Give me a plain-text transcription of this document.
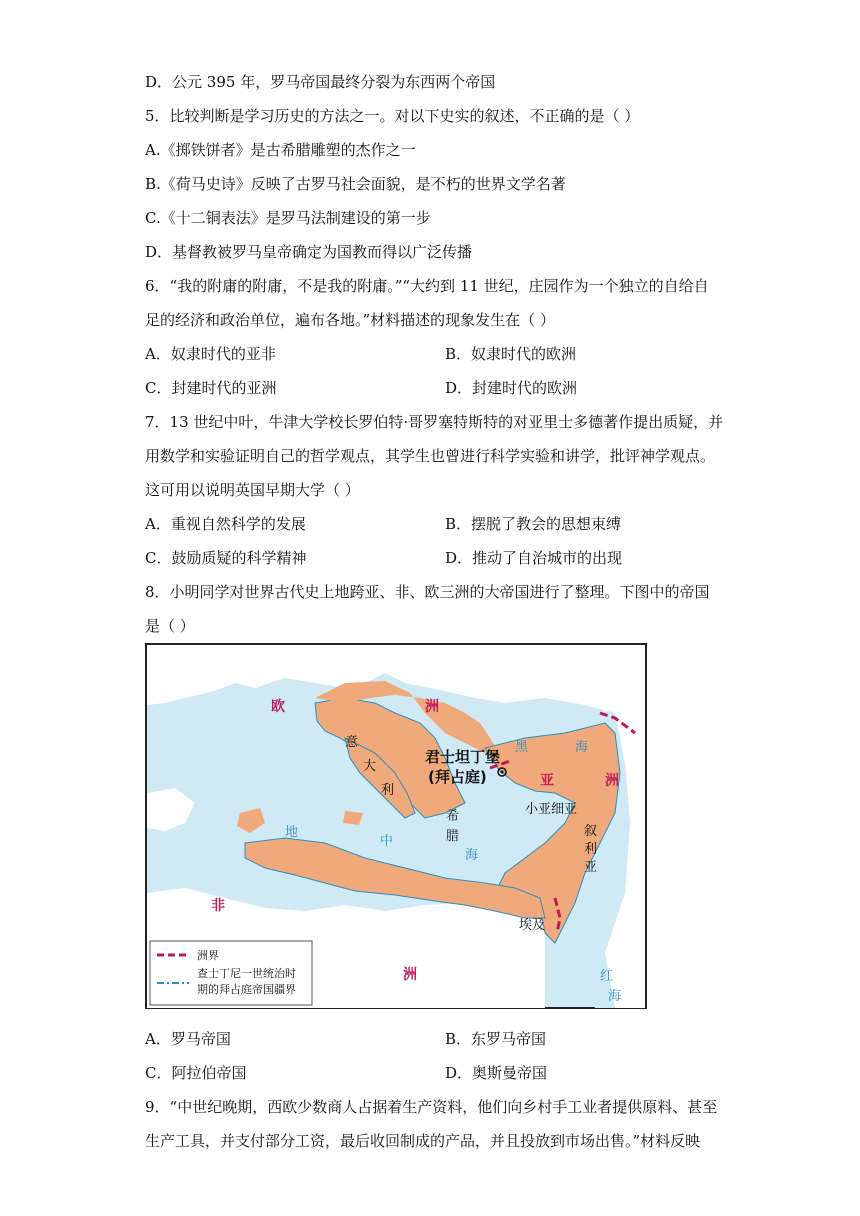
D．公元 395 年，罗马帝国最终分裂为东西两个帝国
5．比较判断是学习历史的方法之一。对以下史实的叙述，不正确的是（ ）
A.《掷铁饼者》是古希腊雕塑的杰作之一
B.《荷马史诗》反映了古罗马社会面貌，是不朽的世界文学名著
C.《十二铜表法》是罗马法制建设的第一步
D．基督教被罗马皇帝确定为国教而得以广泛传播
6．“我的附庸的附庸，不是我的附庸。”“大约到 11 世纪，庄园作为一个独立的自给自
足的经济和政治单位，遍布各地。”材料描述的现象发生在（ ）
A．奴隶时代的亚非	B．奴隶时代的欧洲
C．封建时代的亚洲	D．封建时代的欧洲
7．13 世纪中叶，牛津大学校长罗伯特·哥罗塞特斯特的对亚里士多德著作提出质疑，并
用数学和实验证明自己的哲学观点，其学生也曾进行科学实验和讲学，批评神学观点。
这可用以说明英国早期大学（ ）
A．重视自然科学的发展	B．摆脱了教会的思想束缚
C．鼓励质疑的科学精神	D．推动了自治城市的出现
8．小明同学对世界古代史上地跨亚、非、欧三洲的大帝国进行了整理。下图中的帝国
是（ ）
欧	洲
亚	洲
非
洲
黑	海
地
中
海
红
海
意
大
利
希
腊
小亚细亚
叙
利
亚
埃及
君士坦丁堡
(拜占庭)
洲界
查士丁尼一世统治时
期的拜占庭帝国疆界
A．罗马帝国	B．东罗马帝国
C．阿拉伯帝国	D．奥斯曼帝国
9．“中世纪晚期，西欧少数商人占据着生产资料，他们向乡村手工业者提供原料、甚至
生产工具，并支付部分工资，最后收回制成的产品，并且投放到市场出售。”材料反映
